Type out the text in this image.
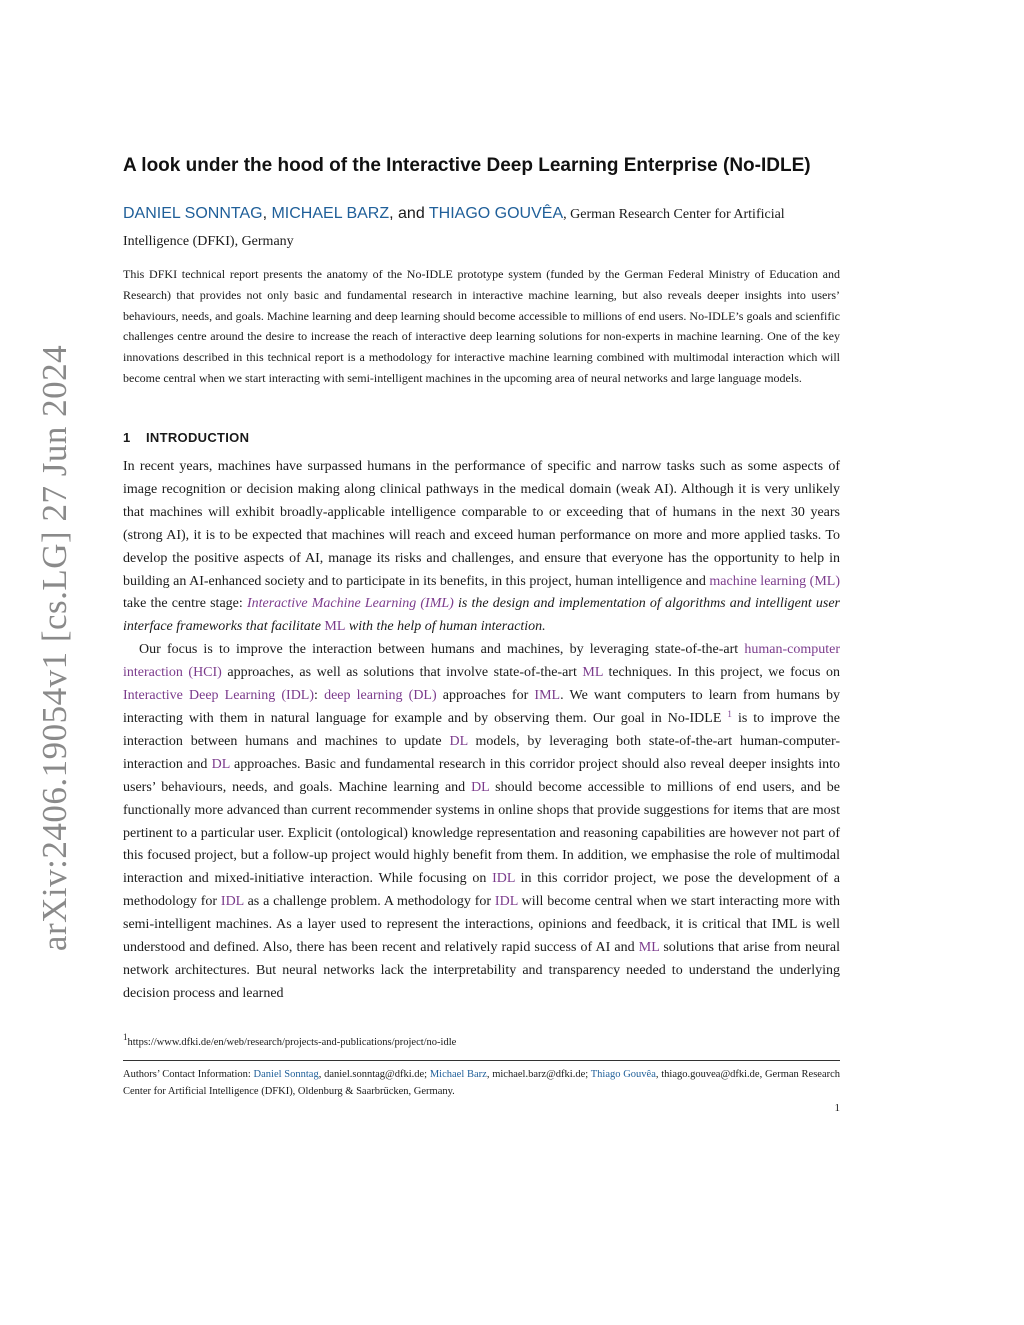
arXiv:2406.19054v1 [cs.LG] 27 Jun 2024
A look under the hood of the Interactive Deep Learning Enterprise (No-IDLE)

DANIEL SONNTAG, MICHAEL BARZ, and THIAGO GOUVÊA, German Research Center for Artificial Intelligence (DFKI), Germany

This DFKI technical report presents the anatomy of the No-IDLE prototype system (funded by the German Federal Ministry of Education and Research) that provides not only basic and fundamental research in interactive machine learning, but also reveals deeper insights into users’ behaviours, needs, and goals. Machine learning and deep learning should become accessible to millions of end users. No-IDLE’s goals and scienfific challenges centre around the desire to increase the reach of interactive deep learning solutions for non-experts in machine learning. One of the key innovations described in this technical report is a methodology for interactive machine learning combined with multimodal interaction which will become central when we start interacting with semi-intelligent machines in the upcoming area of neural networks and large language models.

1 INTRODUCTION

In recent years, machines have surpassed humans in the performance of specific and narrow tasks such as some aspects of image recognition or decision making along clinical pathways in the medical domain (weak AI). Although it is very unlikely that machines will exhibit broadly-applicable intelligence comparable to or exceeding that of humans in the next 30 years (strong AI), it is to be expected that machines will reach and exceed human performance on more and more applied tasks. To develop the positive aspects of AI, manage its risks and challenges, and ensure that everyone has the opportunity to help in building an AI-enhanced society and to participate in its benefits, in this project, human intelligence and machine learning (ML) take the centre stage: Interactive Machine Learning (IML) is the design and implementation of algorithms and intelligent user interface frameworks that facilitate ML with the help of human interaction.

Our focus is to improve the interaction between humans and machines, by leveraging state-of-the-art human-computer interaction (HCI) approaches, as well as solutions that involve state-of-the-art ML techniques. In this project, we focus on Interactive Deep Learning (IDL): deep learning (DL) approaches for IML. We want computers to learn from humans by interacting with them in natural language for example and by observing them. Our goal in No-IDLE $^1$ is to improve the interaction between humans and machines to update DL models, by leveraging both state-of-the-art human-computer-interaction and DL approaches. Basic and fundamental research in this corridor project should also reveal deeper insights into users’ behaviours, needs, and goals. Machine learning and DL should become accessible to millions of end users, and be functionally more advanced than current recommender systems in online shops that provide suggestions for items that are most pertinent to a particular user. Explicit (ontological) knowledge representation and reasoning capabilities are however not part of this focused project, but a follow-up project would highly benefit from them. In addition, we emphasise the role of multimodal interaction and mixed-initiative interaction. While focusing on IDL in this corridor project, we pose the development of a methodology for IDL as a challenge problem. A methodology for IDL will become central when we start interacting more with semi-intelligent machines. As a layer used to represent the interactions, opinions and feedback, it is critical that IML is well understood and defined. Also, there has been recent and relatively rapid success of AI and ML solutions that arise from neural network architectures. But neural networks lack the interpretability and transparency needed to understand the underlying decision process and learned

$^1$https://www.dfki.de/en/web/research/projects-and-publications/project/no-idle

Authors’ Contact Information: Daniel Sonntag, daniel.sonntag@dfki.de; Michael Barz, michael.barz@dfki.de; Thiago Gouvêa, thiago.gouvea@dfki.de, German Research Center for Artificial Intelligence (DFKI), Oldenburg & Saarbrücken, Germany.

1
